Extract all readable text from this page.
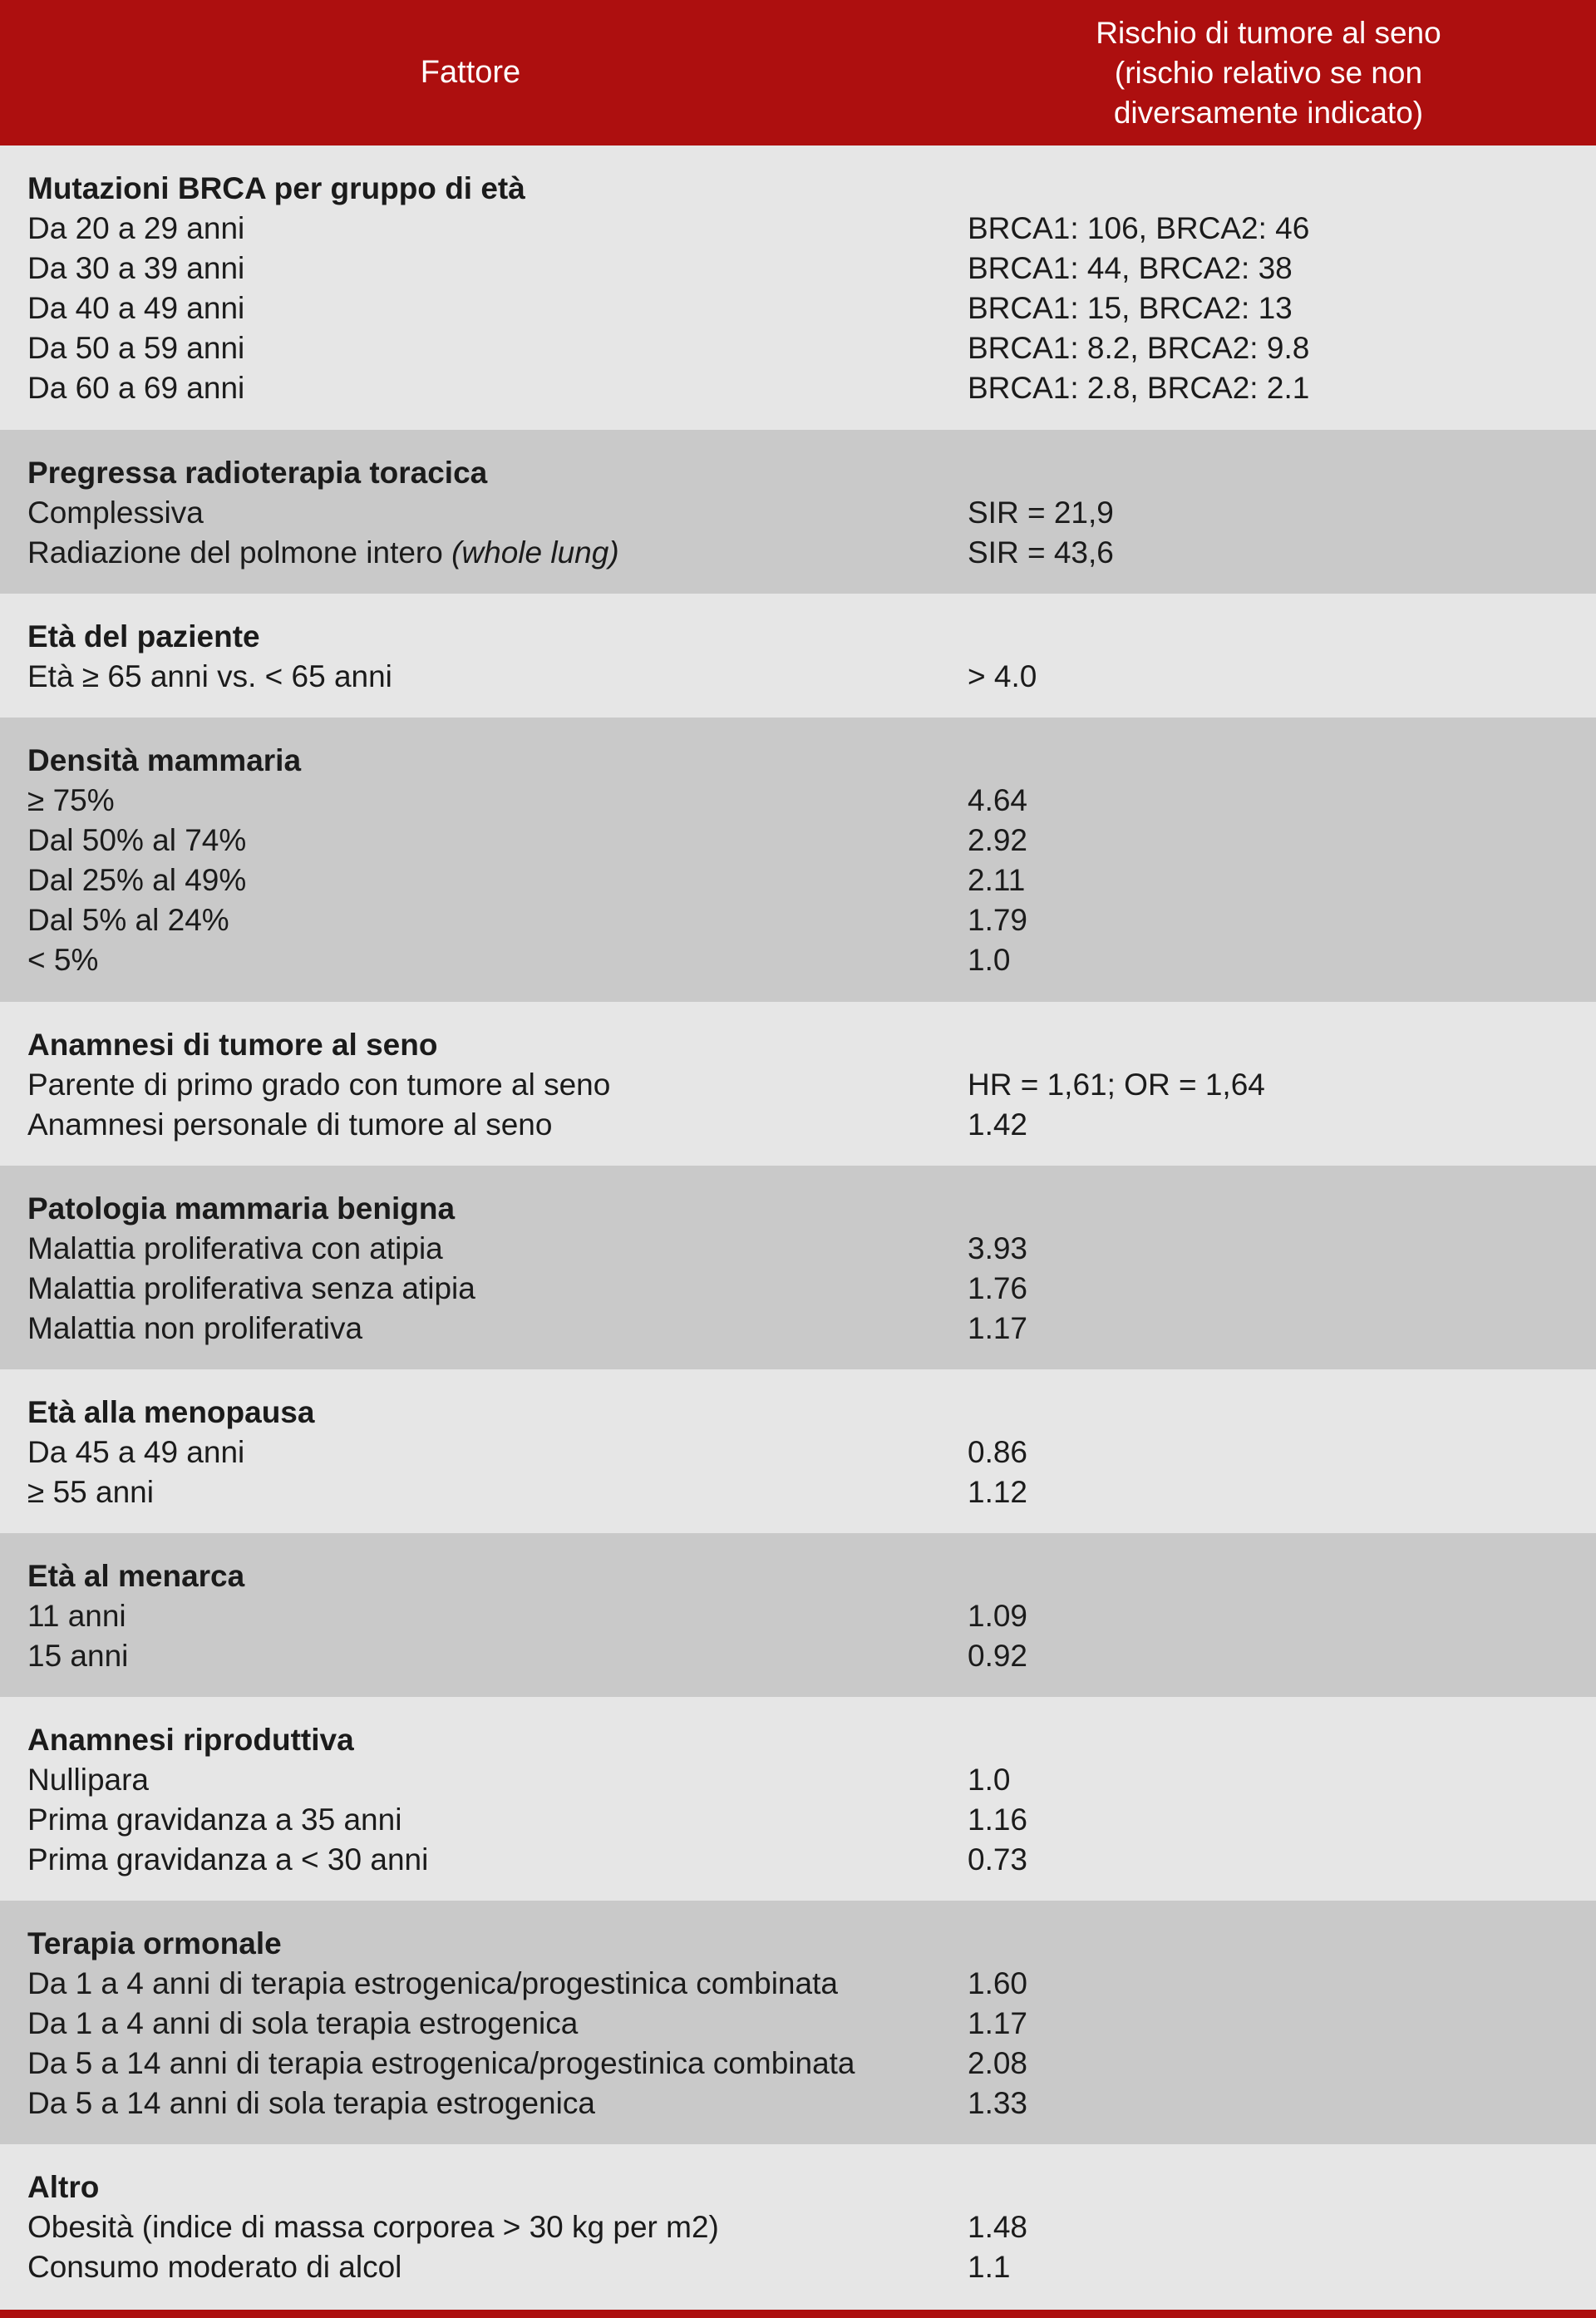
Fattore
Rischio di tumore al seno
(rischio relativo se non
diversamente indicato)
Mutazioni BRCA per gruppo di età
Da 20 a 29 anni	BRCA1: 106, BRCA2: 46
Da 30 a 39 anni	BRCA1: 44, BRCA2: 38
Da 40 a 49 anni	BRCA1: 15, BRCA2: 13
Da 50 a 59 anni	BRCA1: 8.2, BRCA2: 9.8
Da 60 a 69 anni	BRCA1: 2.8, BRCA2: 2.1
Pregressa radioterapia toracica
Complessiva	SIR = 21,9
Radiazione del polmone intero (whole lung)	SIR = 43,6
Età del paziente
Età ≥ 65 anni vs. < 65 anni	> 4.0
Densità mammaria
≥ 75%	4.64
Dal 50% al 74%	2.92
Dal 25% al 49%	2.11
Dal 5% al 24%	1.79
< 5%	1.0
Anamnesi di tumore al seno
Parente di primo grado con tumore al seno	HR = 1,61; OR = 1,64
Anamnesi personale di tumore al seno	1.42
Patologia mammaria benigna
Malattia proliferativa con atipia	3.93
Malattia proliferativa senza atipia	1.76
Malattia non proliferativa	1.17
Età alla menopausa
Da 45 a 49 anni	0.86
≥ 55 anni	1.12
Età al menarca
11 anni	1.09
15 anni	0.92
Anamnesi riproduttiva
Nullipara	1.0
Prima gravidanza a 35 anni	1.16
Prima gravidanza a < 30 anni	0.73
Terapia ormonale
Da 1 a 4 anni di terapia estrogenica/progestinica combinata	1.60
Da 1 a 4 anni di sola terapia estrogenica	1.17
Da 5 a 14 anni di terapia estrogenica/progestinica combinata	2.08
Da 5 a 14 anni di sola terapia estrogenica	1.33
Altro
Obesità (indice di massa corporea > 30 kg per m2)	1.48
Consumo moderato di alcol	1.1
